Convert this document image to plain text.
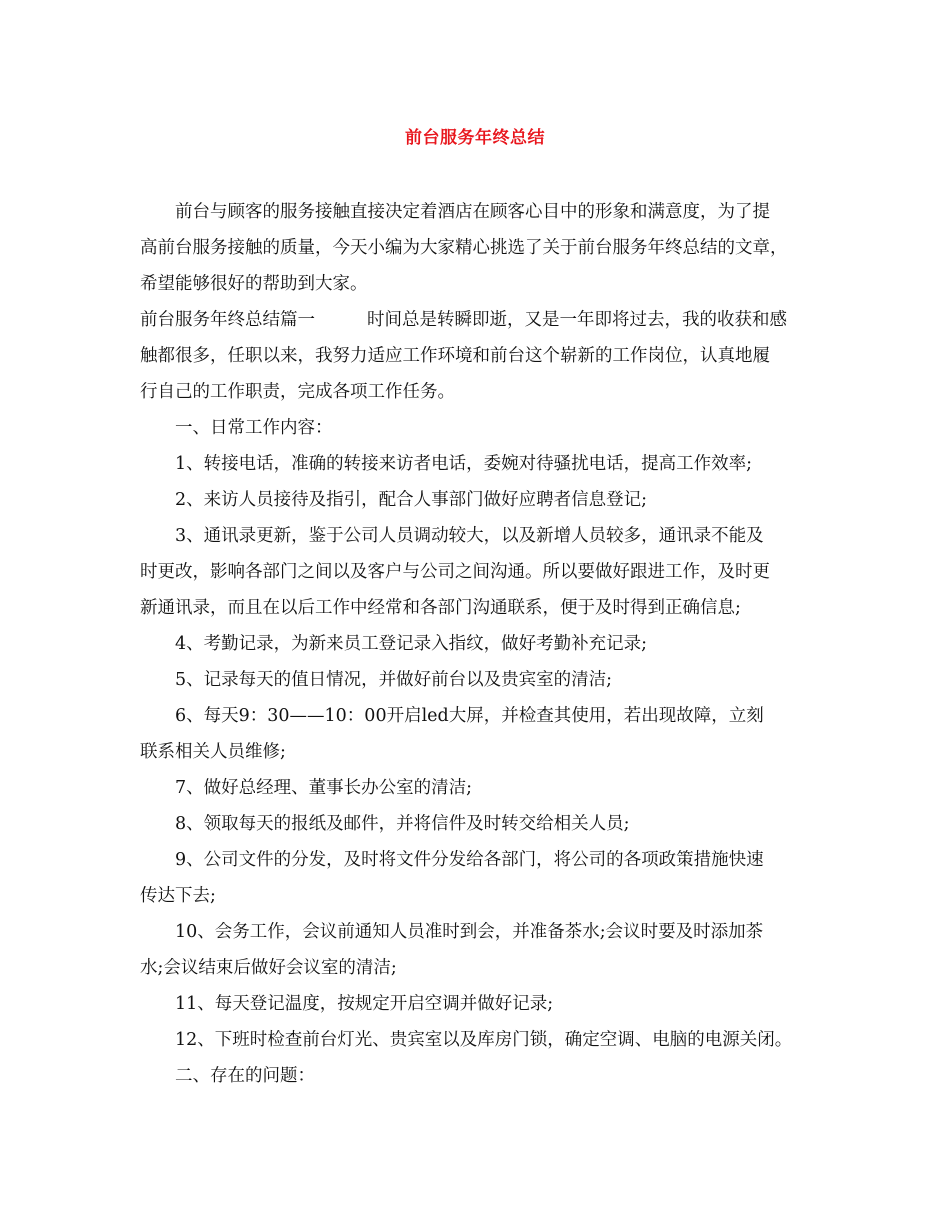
前台服务年终总结
前台与顾客的服务接触直接决定着酒店在顾客心目中的形象和满意度，为了提
高前台服务接触的质量，今天小编为大家精心挑选了关于前台服务年终总结的文章，
希望能够很好的帮助到大家。
前台服务年终总结篇一	时间总是转瞬即逝，又是一年即将过去，我的收获和感
触都很多，任职以来，我努力适应工作环境和前台这个崭新的工作岗位，认真地履
行自己的工作职责，完成各项工作任务。
一、日常工作内容：
1、转接电话，准确的转接来访者电话，委婉对待骚扰电话，提高工作效率;
2、来访人员接待及指引，配合人事部门做好应聘者信息登记;
3、通讯录更新，鉴于公司人员调动较大，以及新增人员较多，通讯录不能及
时更改，影响各部门之间以及客户与公司之间沟通。所以要做好跟进工作，及时更
新通讯录，而且在以后工作中经常和各部门沟通联系，便于及时得到正确信息;
4、考勤记录，为新来员工登记录入指纹，做好考勤补充记录;
5、记录每天的值日情况，并做好前台以及贵宾室的清洁;
6、每天9：30——10：00开启led大屏，并检查其使用，若出现故障，立刻
联系相关人员维修;
7、做好总经理、董事长办公室的清洁;
8、领取每天的报纸及邮件，并将信件及时转交给相关人员;
9、公司文件的分发，及时将文件分发给各部门，将公司的各项政策措施快速
传达下去;
10、会务工作，会议前通知人员准时到会，并准备茶水;会议时要及时添加茶
水;会议结束后做好会议室的清洁;
11、每天登记温度，按规定开启空调并做好记录;
12、下班时检查前台灯光、贵宾室以及库房门锁，确定空调、电脑的电源关闭。
二、存在的问题：
